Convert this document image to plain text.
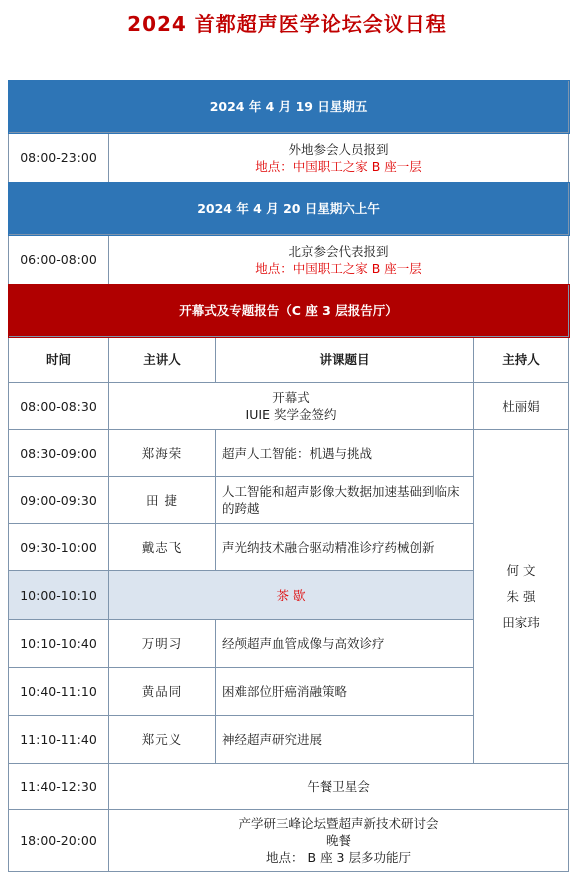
2024 首都超声医学论坛会议日程
2024 年 4 月 19 日星期五			
08:00-23:00	外地参会人员报到
地点：中国职工之家 B 座一层		

2024 年 4 月 20 日星期六上午			
06:00-08:00	北京参会代表报到
地点：中国职工之家 B 座一层		

开幕式及专题报告（C 座 3 层报告厅）			
时间	主讲人	讲课题目	主持人
08:00-08:30	开幕式
IUIE 奖学金签约		杜丽娟
08:30-09:00	郑海荣	超声人工智能：机遇与挑战	何 文
朱 强
田家玮

09:00-09:30	田 捷	人工智能和超声影像大数据加速基础到临床的跨越	
09:30-10:00	戴志飞	声光纳技术融合驱动精准诊疗药械创新	
10:00-10:10	茶 歇		
10:10-10:40	万明习	经颅超声血管成像与高效诊疗	
10:40-11:10	黄品同	困难部位肝癌消融策略	
11:10-11:40	郑元义	神经超声研究进展	
11:40-12:30	午餐卫星会		
18:00-20:00	产学研三峰论坛暨超声新技术研讨会
晚餐
地点： B 座 3 层多功能厅		
